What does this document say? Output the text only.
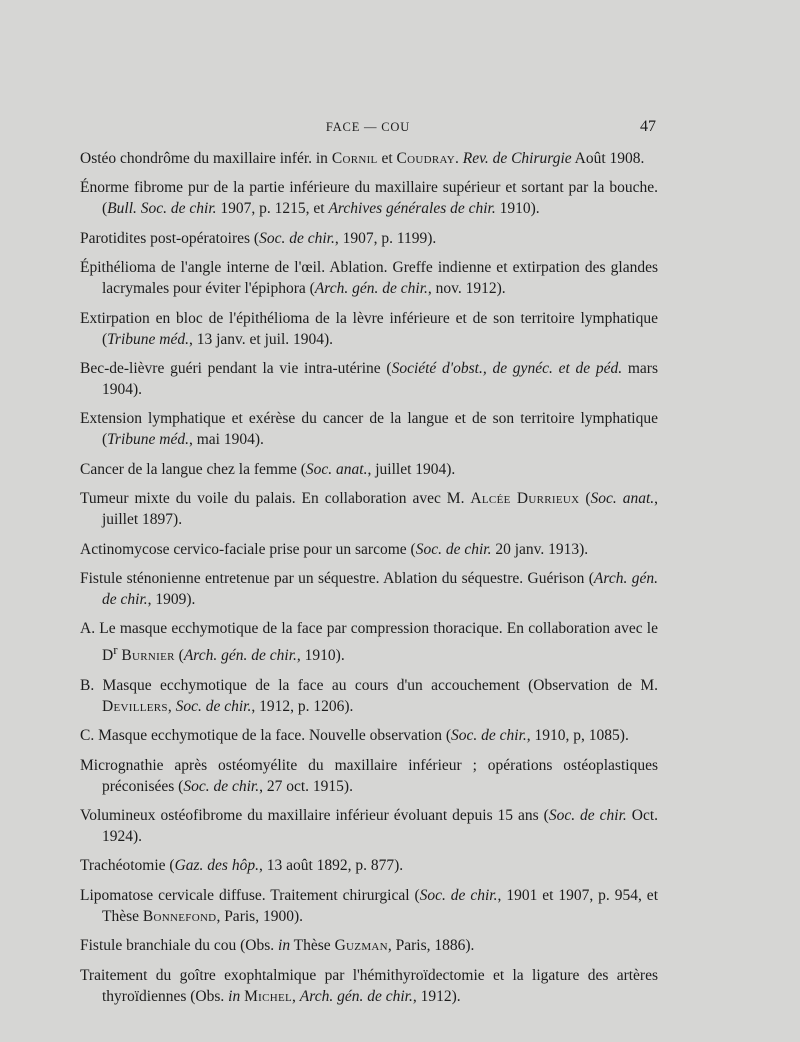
FACE — COU	47

Ostéo chondrôme du maxillaire infér. in Cornil et Coudray. Rev. de Chirurgie Août 1908.

Énorme fibrome pur de la partie inférieure du maxillaire supérieur et sortant par la bouche. (Bull. Soc. de chir. 1907, p. 1215, et Archives générales de chir. 1910).

Parotidites post-opératoires (Soc. de chir., 1907, p. 1199).

Épithélioma de l'angle interne de l'œil. Ablation. Greffe indienne et extirpation des glandes lacrymales pour éviter l'épiphora (Arch. gén. de chir., nov. 1912).

Extirpation en bloc de l'épithélioma de la lèvre inférieure et de son territoire lymphatique (Tribune méd., 13 janv. et juil. 1904).

Bec-de-lièvre guéri pendant la vie intra-utérine (Société d'obst., de gynéc. et de péd. mars 1904).

Extension lymphatique et exérèse du cancer de la langue et de son territoire lymphatique (Tribune méd., mai 1904).

Cancer de la langue chez la femme (Soc. anat., juillet 1904).

Tumeur mixte du voile du palais. En collaboration avec M. Alcée Durrieux (Soc. anat., juillet 1897).

Actinomycose cervico-faciale prise pour un sarcome (Soc. de chir. 20 janv. 1913).

Fistule sténonienne entretenue par un séquestre. Ablation du séquestre. Guérison (Arch. gén. de chir., 1909).

A. Le masque ecchymotique de la face par compression thoracique. En collaboration avec le $D^r$ Burnier (Arch. gén. de chir., 1910).

B. Masque ecchymotique de la face au cours d'un accouchement (Observation de M. Devillers, Soc. de chir., 1912, p. 1206).

C. Masque ecchymotique de la face. Nouvelle observation (Soc. de chir., 1910, p, 1085).

Micrognathie après ostéomyélite du maxillaire inférieur ; opérations ostéoplastiques préconisées (Soc. de chir., 27 oct. 1915).

Volumineux ostéofibrome du maxillaire inférieur évoluant depuis 15 ans (Soc. de chir. Oct. 1924).

Trachéotomie (Gaz. des hôp., 13 août 1892, p. 877).

Lipomatose cervicale diffuse. Traitement chirurgical (Soc. de chir., 1901 et 1907, p. 954, et Thèse Bonnefond, Paris, 1900).

Fistule branchiale du cou (Obs. in Thèse Guzman, Paris, 1886).

Traitement du goître exophtalmique par l'hémithyroïdectomie et la ligature des artères thyroïdiennes (Obs. in Michel, Arch. gén. de chir., 1912).
